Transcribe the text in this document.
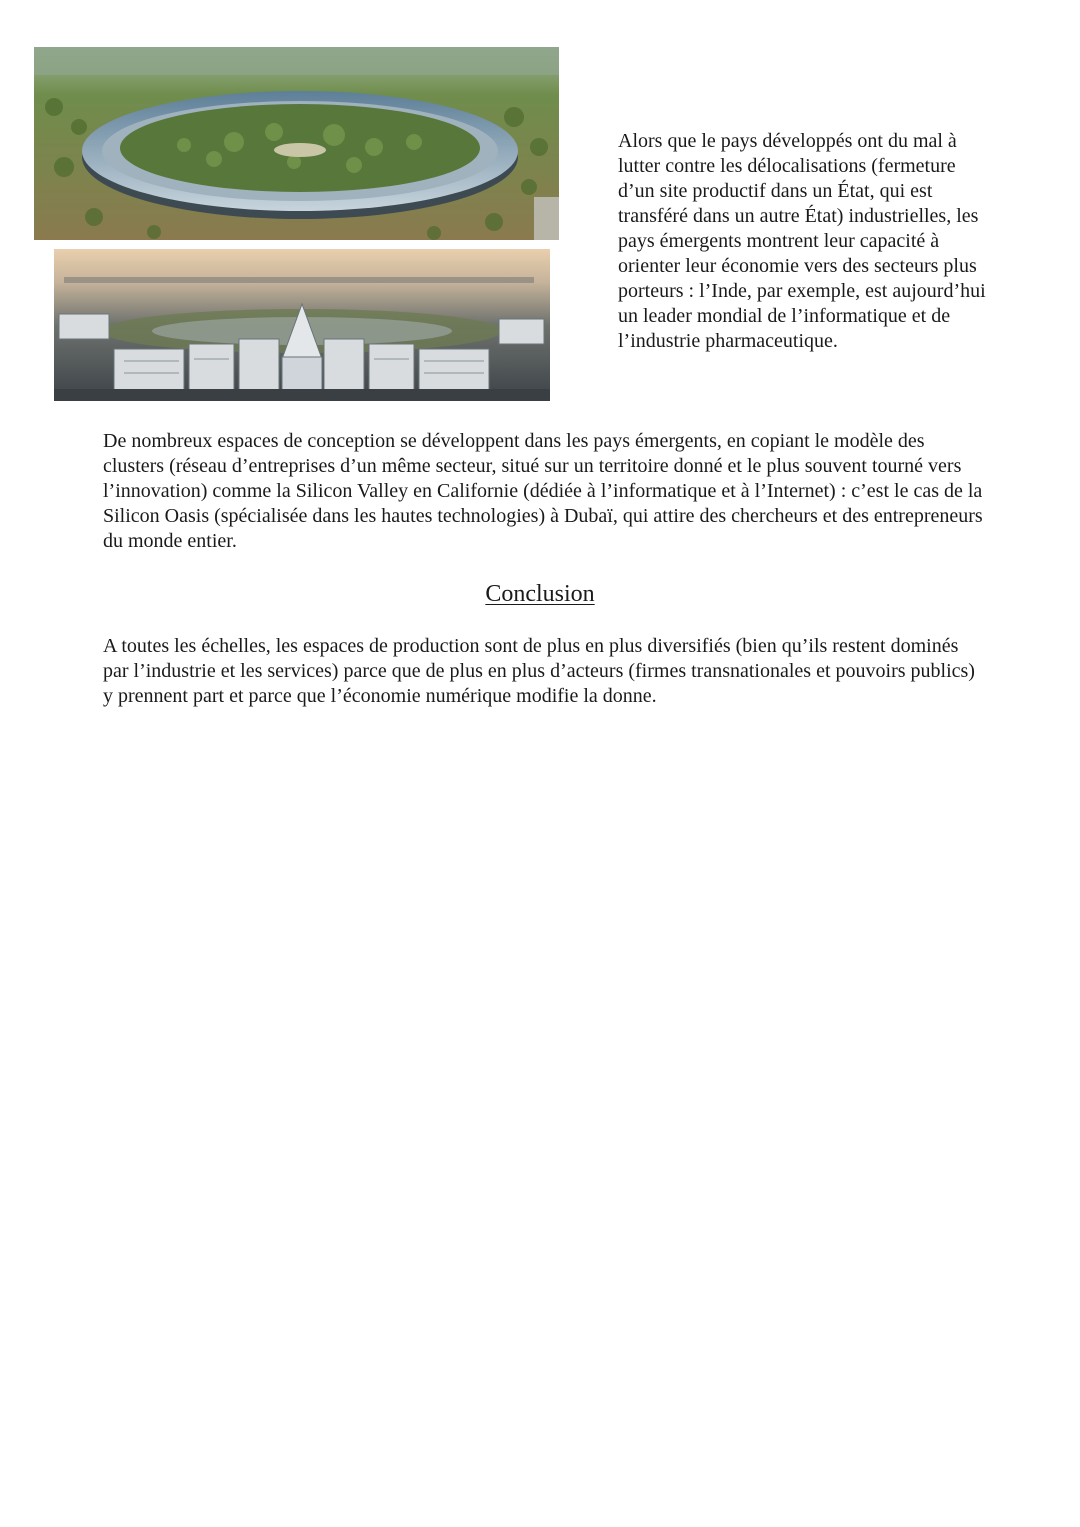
Alors que le pays développés ont du mal à lutter contre les délocalisations (fermeture d’un site productif dans un État, qui est transféré dans un autre État) industrielles, les pays émergents montrent leur capacité à orienter leur économie vers des secteurs plus porteurs : l’Inde, par exemple, est aujourd’hui un leader mondial de l’informatique et de l’industrie pharmaceutique.

De nombreux espaces de conception se développent dans les pays émergents, en copiant le modèle des clusters (réseau d’entreprises d’un même secteur, situé sur un territoire donné et le plus souvent tourné vers l’innovation) comme la Silicon Valley en Californie (dédiée à l’informatique et à l’Internet) : c’est le cas de la Silicon Oasis (spécialisée dans les hautes technologies) à Dubaï, qui attire des chercheurs et des entrepreneurs du monde entier.

Conclusion

A toutes les échelles, les espaces de production sont de plus en plus diversifiés (bien qu’ils restent dominés par l’industrie et les services) parce que de plus en plus d’acteurs (firmes transnationales et pouvoirs publics) y prennent part et parce que l’économie numérique modifie la donne.
